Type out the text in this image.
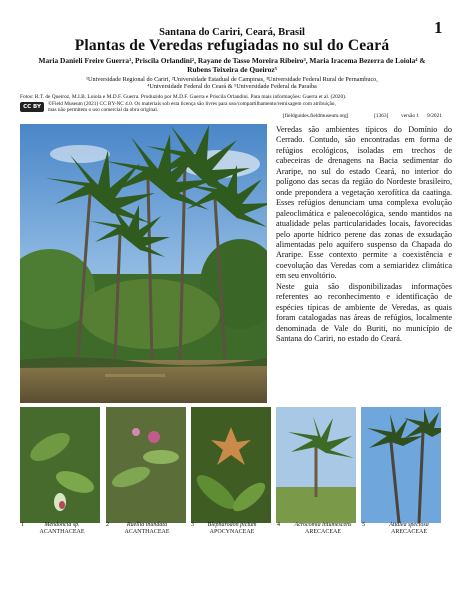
Santana do Cariri, Ceará, Brasil	1
Plantas de Veredas refugiadas no sul do Ceará
Maria Danieli Freire Guerra¹, Priscila Orlandini², Rayane de Tasso Moreira Ribeiro³, Maria Iracema Bezerra de Loiola⁴ &
Rubens Teixeira de Queiroz⁵
¹Universidade Regional do Cariri, ²Universidade Estadual de Campinas, ³Universidade Federal Rural de Pernambuco,
⁴Universidade Federal do Ceará & ⁵Universidade Federal da Paraíba
Fotos: R.T. de Queiroz, M.I.B. Loiola e M.D.F. Guerra. Produzido por M.D.F. Guerra e Priscila Orlandini. Para mais informações: Guerra et al. (2020).
CC BY NC
©Field Museum (2021) CC BY-NC 4.0. Os materiais sob esta licença são livres para uso/compartilhamento/remixagem com atribuição,
mas não permitem o uso comercial da obra original.
[fieldguides.fieldmuseum.org]	[1363] versão 1 9/2021

Veredas são ambientes típicos do Domínio do Cerrado. Contudo, são encontradas em forma de refúgios ecológicos, isoladas em trechos de cabeceiras de drenagens na Bacia sedimentar do Araripe, no sul do estado Ceará, no interior do polígono das secas da região do Nordeste brasileiro, onde prepondera a vegetação xerofítica da caatinga. Esses refúgios denunciam uma complexa evolução paleoclimática e paleoecológica, sendo mantidos na atualidade pelas particularidades locais, favorecidas pelo aporte hídrico perene das zonas de exsudação alimentadas pelo aquífero suspenso da Chapada do Araripe. Esse contexto permite a coexistência e coevolução das Veredas com a semiaridez climática em seu envoltório.

Neste guia são disponibilizadas informações referentes ao reconhecimento e identificação de espécies típicas de ambiente de Veredas, as quais foram catalogadas nas áreas de refúgios, localmente denominada de Vale do Buriti, no município de Santana do Cariri, no estado do Ceará.

1	Mendoncia sp.
ACANTHACEAE
2	Ruellia inundata
ACANTHACEAE
3	Blepharodon pictum
APOCYNACEAE
4	Acrocomia intumescens
ARECACEAE
5	Attalea speciosa
ARECACEAE
